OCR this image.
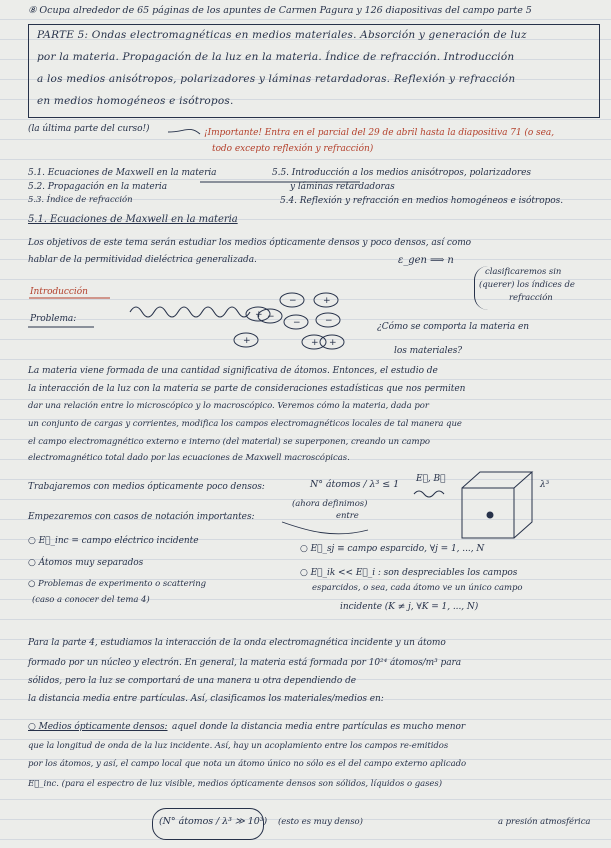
+
−	+
−	−
+	+
−
+
⑧ Ocupa alrededor de 65 páginas de los apuntes de Carmen Pagura y 126 diapositivas del campo parte 5
PARTE 5: Ondas electromagnéticas en medios materiales. Absorción y generación de luz
por la materia. Propagación de la luz en la materia. Índice de refracción. Introducción
a los medios anisótropos, polarizadores y láminas retardadoras. Reflexión y refracción
en medios homogéneos e isótropos.
(la última parte del curso!)	¡Importante! Entra en el parcial del 29 de abril hasta la diapositiva 71 (o sea,
todo excepto reflexión y refracción)
5.1. Ecuaciones de Maxwell en la materia
5.2. Propagación en la materia
5.3. Índice de refracción
5.5. Introducción a los medios anisótropos, polarizadores
y láminas retardadoras
5.4. Reflexión y refracción en medios homogéneos e isótropos.
5.1. Ecuaciones de Maxwell en la materia
Los objetivos de este tema serán estudiar los medios ópticamente densos y poco densos, así como
hablar de la permitividad dieléctrica generalizada.	ε_gen ⟹ n
clasificaremos sin
(querer) los índices de
refracción
Introducción
Problema:
¿Cómo se comporta la materia en
los materiales?
La materia viene formada de una cantidad significativa de átomos. Entonces, el estudio de
la interacción de la luz con la materia se parte de consideraciones estadísticas que nos permiten
dar una relación entre lo microscópico y lo macroscópico. Veremos cómo la materia, dada por
un conjunto de cargas y corrientes, modifica los campos electromagnéticos locales de tal manera que
el campo electromagnético externo e interno (del material) se superponen, creando un campo
electromagnético total dado por las ecuaciones de Maxwell macroscópicas.
Trabajaremos con medios ópticamente poco densos:	N° átomos / λ³ ≤ 1 E⃗, B⃗
λ³
(ahora definimos)
entre
Empezaremos con casos de notación importantes:
○ E⃗_inc = campo eléctrico incidente
○ Átomos muy separados
○ Problemas de experimento o scattering
(caso a conocer del tema 4)
○ E⃗_sj ≡ campo esparcido, ∀j = 1, ..., N
○ E⃗_ik << E⃗_i : son despreciables los campos
esparcidos, o sea, cada átomo ve un único campo
incidente (K ≠ j, ∀K = 1, ..., N)
Para la parte 4, estudiamos la interacción de la onda electromagnética incidente y un átomo
formado por un núcleo y electrón. En general, la materia está formada por 10²⁴ átomos/m³ para
sólidos, pero la luz se comportará de una manera u otra dependiendo de
la distancia media entre partículas. Así, clasificamos los materiales/medios en:
○ Medios ópticamente densos: aquel donde la distancia media entre partículas es mucho menor
que la longitud de onda de la luz incidente. Así, hay un acoplamiento entre los campos re-emitidos
por los átomos, y así, el campo local que nota un átomo único no sólo es el del campo externo aplicado
E⃗_inc. (para el espectro de luz visible, medios ópticamente densos son sólidos, líquidos o gases)
(N° átomos / λ³ ≫ 10³) (esto es muy denso)	a presión atmosférica
